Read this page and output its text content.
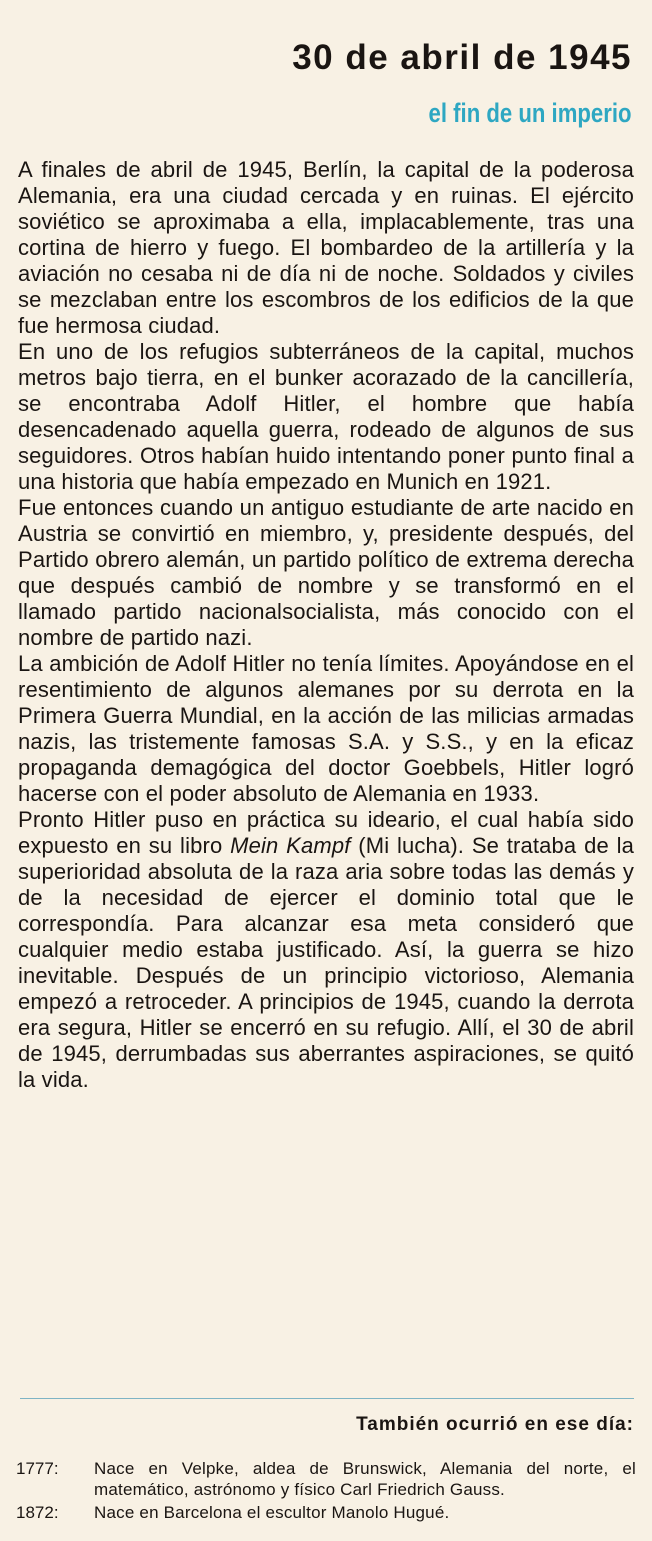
30 de abril de 1945
el fin de un imperio

A finales de abril de 1945, Berlín, la capital de la poderosa Alemania, era una ciudad cercada y en ruinas. El ejército soviético se aproximaba a ella, implacablemente, tras una cortina de hierro y fuego. El bombardeo de la artillería y la aviación no cesaba ni de día ni de noche. Soldados y civiles se mezclaban entre los escombros de los edificios de la que fue hermosa ciudad.

En uno de los refugios subterráneos de la capital, muchos metros bajo tierra, en el bunker acorazado de la cancillería, se encontraba Adolf Hitler, el hombre que había desencadenado aquella guerra, rodeado de algunos de sus seguidores. Otros habían huido intentando poner punto final a una historia que había empezado en Munich en 1921.

Fue entonces cuando un antiguo estudiante de arte nacido en Austria se convirtió en miembro, y, presidente después, del Partido obrero alemán, un partido político de extrema derecha que después cambió de nombre y se transformó en el llamado partido nacionalsocialista, más conocido con el nombre de partido nazi.

La ambición de Adolf Hitler no tenía límites. Apoyándose en el resentimiento de algunos alemanes por su derrota en la Primera Guerra Mundial, en la acción de las milicias armadas nazis, las tristemente famosas S.A. y S.S., y en la eficaz propaganda demagógica del doctor Goebbels, Hitler logró hacerse con el poder absoluto de Alemania en 1933.

Pronto Hitler puso en práctica su ideario, el cual había sido expuesto en su libro Mein Kampf (Mi lucha). Se trataba de la superioridad absoluta de la raza aria sobre todas las demás y de la necesidad de ejercer el dominio total que le correspondía. Para alcanzar esa meta consideró que cualquier medio estaba justificado. Así, la guerra se hizo inevitable. Después de un principio victorioso, Alemania empezó a retroceder. A principios de 1945, cuando la derrota era segura, Hitler se encerró en su refugio. Allí, el 30 de abril de 1945, derrumbadas sus aberrantes aspiraciones, se quitó la vida.

También ocurrió en ese día:
1777:	Nace en Velpke, aldea de Brunswick, Alemania del norte, el matemático, astrónomo y físico Carl Friedrich Gauss.
1872:	Nace en Barcelona el escultor Manolo Hugué.
